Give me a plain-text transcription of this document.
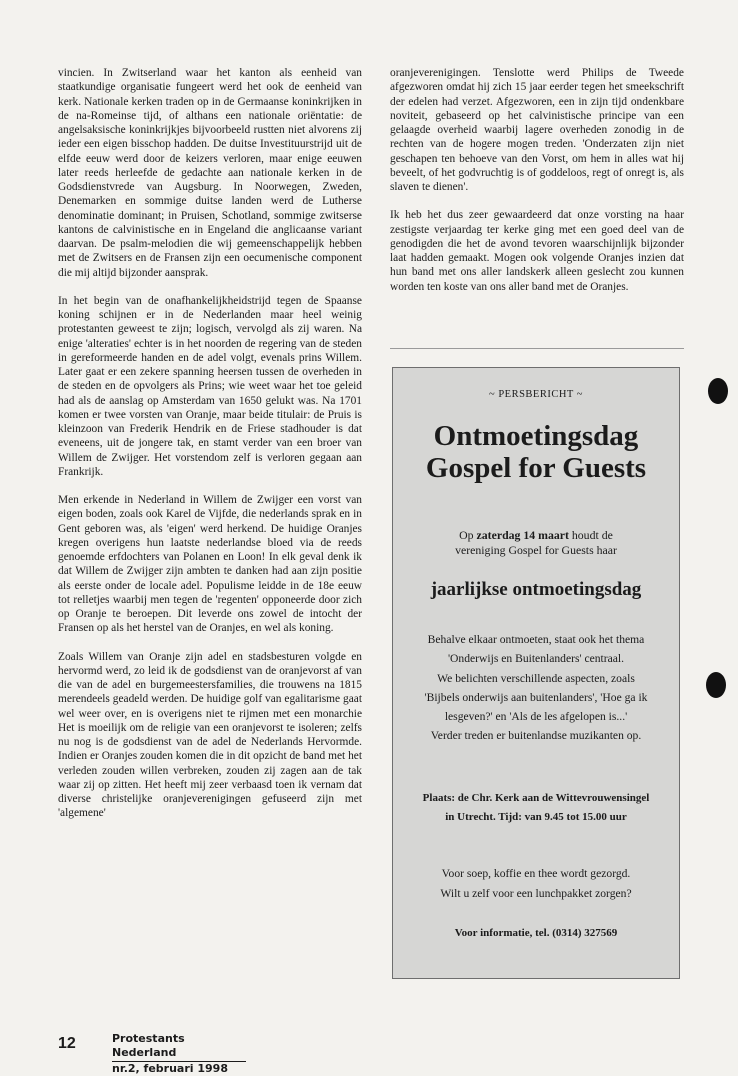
vincien. In Zwitserland waar het kanton als eenheid van staatkundige organisatie fungeert werd het ook de eenheid van kerk. Nationale kerken traden op in de Germaanse koninkrijken in de na-Romeinse tijd, of althans een nationale oriëntatie: de angelsaksische koninkrijkjes bijvoorbeeld rustten niet alvorens zij ieder een eigen bisschop hadden. De duitse Investituurstrijd uit de elfde eeuw werd door de keizers verloren, maar enige eeuwen later reeds herleefde de gedachte aan nationale kerken in de Godsdienstvrede van Augsburg. In Noorwegen, Zweden, Denemarken en sommige duitse landen werd de Lutherse denominatie dominant; in Pruisen, Schotland, sommige zwitserse kantons de calvinistische en in Engeland die anglicaanse variant daarvan. De psalm-melodien die wij gemeenschappelijk hebben met de Zwitsers en de Fransen zijn een oecumenische component die mij altijd bijzonder aansprak.

In het begin van de onafhankelijkheidstrijd tegen de Spaanse koning schijnen er in de Nederlanden maar heel weinig protestanten geweest te zijn; logisch, vervolgd als zij waren. Na enige 'alteraties' echter is in het noorden de regering van de steden in gereformeerde handen en de adel volgt, evenals prins Willem. Later gaat er een zekere spanning heersen tussen de overheden in de steden en de opvolgers als Prins; wie weet waar het toe geleid had als de aanslag op Amsterdam van 1650 gelukt was. Na 1701 komen er twee vorsten van Oranje, maar beide titulair: de Pruis is kleinzoon van Frederik Hendrik en de Friese stadhouder is dat eveneens, uit de jongere tak, en stamt verder van een broer van Willem de Zwijger. Het vorstendom zelf is verloren gegaan aan Frankrijk.

Men erkende in Nederland in Willem de Zwijger een vorst van eigen boden, zoals ook Karel de Vijfde, die nederlands sprak en in Gent geboren was, als 'eigen' werd herkend. De huidige Oranjes kregen overigens hun laatste nederlandse bloed via de reeds genoemde erfdochters van Polanen en Loon! In elk geval denk ik dat Willem de Zwijger zijn ambten te danken had aan zijn positie als eerste onder de locale adel. Populisme leidde in de 18e eeuw tot relletjes waarbij men tegen de 'regenten' opponeerde door zich op Oranje te beroepen. Dit leverde ons zowel de intocht der Fransen op als het herstel van de Oranjes, en wel als koning.

Zoals Willem van Oranje zijn adel en stadsbesturen volgde en hervormd werd, zo leid ik de godsdienst van de oranjevorst af van die van de adel en burgemeestersfamilies, die trouwens na 1815 merendeels geadeld werden. De huidige golf van egalitarisme gaat wel weer over, en is overigens niet te rijmen met een monarchie Het is moeilijk om de religie van een oranjevorst te isoleren; zelfs nu nog is de godsdienst van de adel de Nederlands Hervormde. Indien er Oranjes zouden komen die in dit opzicht de band met het verleden zouden willen verbreken, zouden zij zagen aan de tak waar zij op zitten. Het heeft mij zeer verbaasd toen ik vernam dat diverse christelijke oranjeverenigingen gefuseerd zijn met 'algemene'

oranjeverenigingen. Tenslotte werd Philips de Tweede afgezworen omdat hij zich 15 jaar eerder tegen het smeekschrift der edelen had verzet. Afgezworen, een in zijn tijd ondenkbare noviteit, gebaseerd op het calvinistische principe van een gelaagde overheid waarbij lagere overheden zonodig in de rechten van de hogere mogen treden. 'Onderzaten zijn niet geschapen ten behoeve van den Vorst, om hem in alles wat hij beveelt, of het godvruchtig is of goddeloos, regt of onregt is, als slaven te dienen'.

Ik heb het dus zeer gewaardeerd dat onze vorsting na haar zestigste verjaardag ter kerke ging met een goed deel van de genodigden die het de avond tevoren waarschijnlijk bijzonder laat hadden gemaakt. Mogen ook volgende Oranjes inzien dat hun band met ons aller landskerk alleen geslecht zou kunnen worden ten koste van ons aller band met de Oranjes.

~ PERSBERICHT ~
Ontmoetingsdag
Gospel for Guests
Op zaterdag 14 maart houdt de
vereniging Gospel for Guests haar
jaarlijkse ontmoetingsdag
Behalve elkaar ontmoeten, staat ook het thema
'Onderwijs en Buitenlanders' centraal.
We belichten verschillende aspecten, zoals
'Bijbels onderwijs aan buitenlanders', 'Hoe ga ik
lesgeven?' en 'Als de les afgelopen is...'
Verder treden er buitenlandse muzikanten op.
Plaats: de Chr. Kerk aan de Wittevrouwensingel
in Utrecht. Tijd: van 9.45 tot 15.00 uur
Voor soep, koffie en thee wordt gezorgd.
Wilt u zelf voor een lunchpakket zorgen?
Voor informatie, tel. (0314) 327569
12	Protestants Nederland
nr.2, februari 1998
